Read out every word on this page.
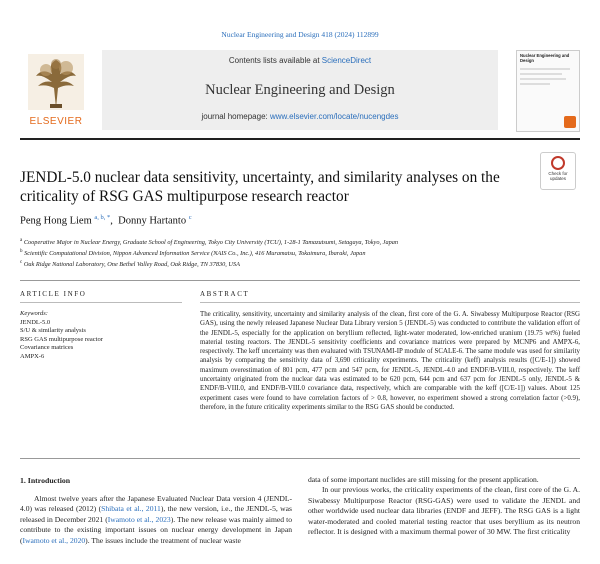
Nuclear Engineering and Design 418 (2024) 112899
ELSEVIER
Contents lists available at ScienceDirect
Nuclear Engineering and Design
journal homepage: www.elsevier.com/locate/nucengdes
Nuclear Engineering and Design
Check for updates
JENDL-5.0 nuclear data sensitivity, uncertainty, and similarity analyses on the criticality of RSG GAS multipurpose research reactor
Peng Hong Liem $^{a, b, *}$,  Donny Hartanto $^c$
$^a$ Cooperative Major in Nuclear Energy, Graduate School of Engineering, Tokyo City University (TCU), 1-28-1 Tamazutsumi, Setagaya, Tokyo, Japan
$^b$ Scientific Computational Division, Nippon Advanced Information Service (NAIS Co., Inc.), 416 Muramatsu, Tokaimura, Ibaraki, Japan
$^c$ Oak Ridge National Laboratory, One Bethel Valley Road, Oak Ridge, TN 37830, USA
ARTICLE INFO	ABSTRACT
Keywords:
JENDL-5.0
S/U & similarity analysis
RSG GAS multipurpose reactor
Covariance matrices
AMPX-6
The criticality, sensitivity, uncertainty and similarity analysis of the clean, first core of the G. A. Siwabessy Multipurpose Reactor (RSG GAS), using the newly released Japanese Nuclear Data Library version 5 (JENDL-5) was conducted to contribute the validation effort of the JENDL-5, especially for the application on beryllium reflected, light-water moderated, low-enriched uranium (19.75 wt%) fueled material testing reactors. The JENDL-5 sensitivity coefficients and covariance matrices were prepared by MCNP6 and AMPX-6, respectively. The keff uncertainty was then evaluated with TSUNAMI-IP module of SCALE-6. The same module was used for similarity analysis by comparing the sensitivity data of 3,690 criticality experiments. The criticality (keff) analysis results ([C/E-1]) showed maximum overestimation of 801 pcm, 477 pcm and 547 pcm, for JENDL-5, JENDL-4.0 and ENDF/B-VIII.0, respectively. The keff uncertainty originated from the nuclear data was estimated to be 620 pcm, 644 pcm and 637 pcm for JENDL-5 only, JENDL-5 & ENDF/B-VIII.0, and ENDF/B-VIII.0 covariance data, respectively, which are comparable with the keff ([C/E-1]) values. About 125 experiment cases were found to have correlation factors of > 0.8, however, no experiment showed a strong correlation factor (>0.9), therefore, in the future criticality experiments similar to the RSG GAS should be conducted.
1. Introduction
Almost twelve years after the Japanese Evaluated Nuclear Data version 4 (JENDL-4.0) was released (2012) (Shibata et al., 2011), the new version, i.e., the JENDL-5, was released in December 2021 (Iwamoto et al., 2023). The new release was mainly aimed to contribute to the existing important issues on nuclear energy development in Japan (Iwamoto et al., 2020). The issues include the treatment of nuclear waste

data of some important nuclides are still missing for the present application.

In our previous works, the criticality experiments of the clean, first core of the G. A. Siwabessy Multipurpose Reactor (RSG-GAS) were used to validate the JENDL and other worldwide used nuclear data libraries (ENDF and JEFF). The RSG GAS is a light water-moderated and cooled material testing reactor that uses beryllium as its neutron reflector. It is designed with a maximum thermal power of 30 MW. The first criticality
